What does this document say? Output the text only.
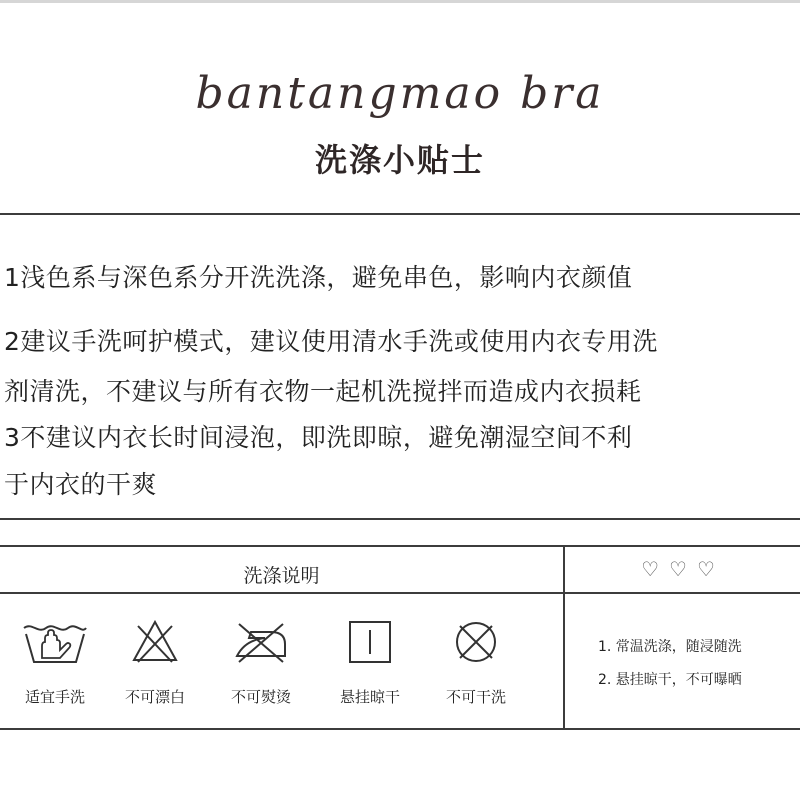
bantangmao bra
洗涤小贴士
1浅色系与深色系分开洗洗涤，避免串色，影响内衣颜值
2建议手洗呵护模式，建议使用清水手洗或使用内衣专用洗
剂清洗，不建议与所有衣物一起机洗搅拌而造成内衣损耗
3不建议内衣长时间浸泡，即洗即晾，避免潮湿空间不利
于内衣的干爽
洗涤说明	♡♡♡
适宜手洗	不可漂白	不可熨烫	悬挂晾干	不可干洗
1. 常温洗涤，随浸随洗
2. 悬挂晾干，不可曝晒
